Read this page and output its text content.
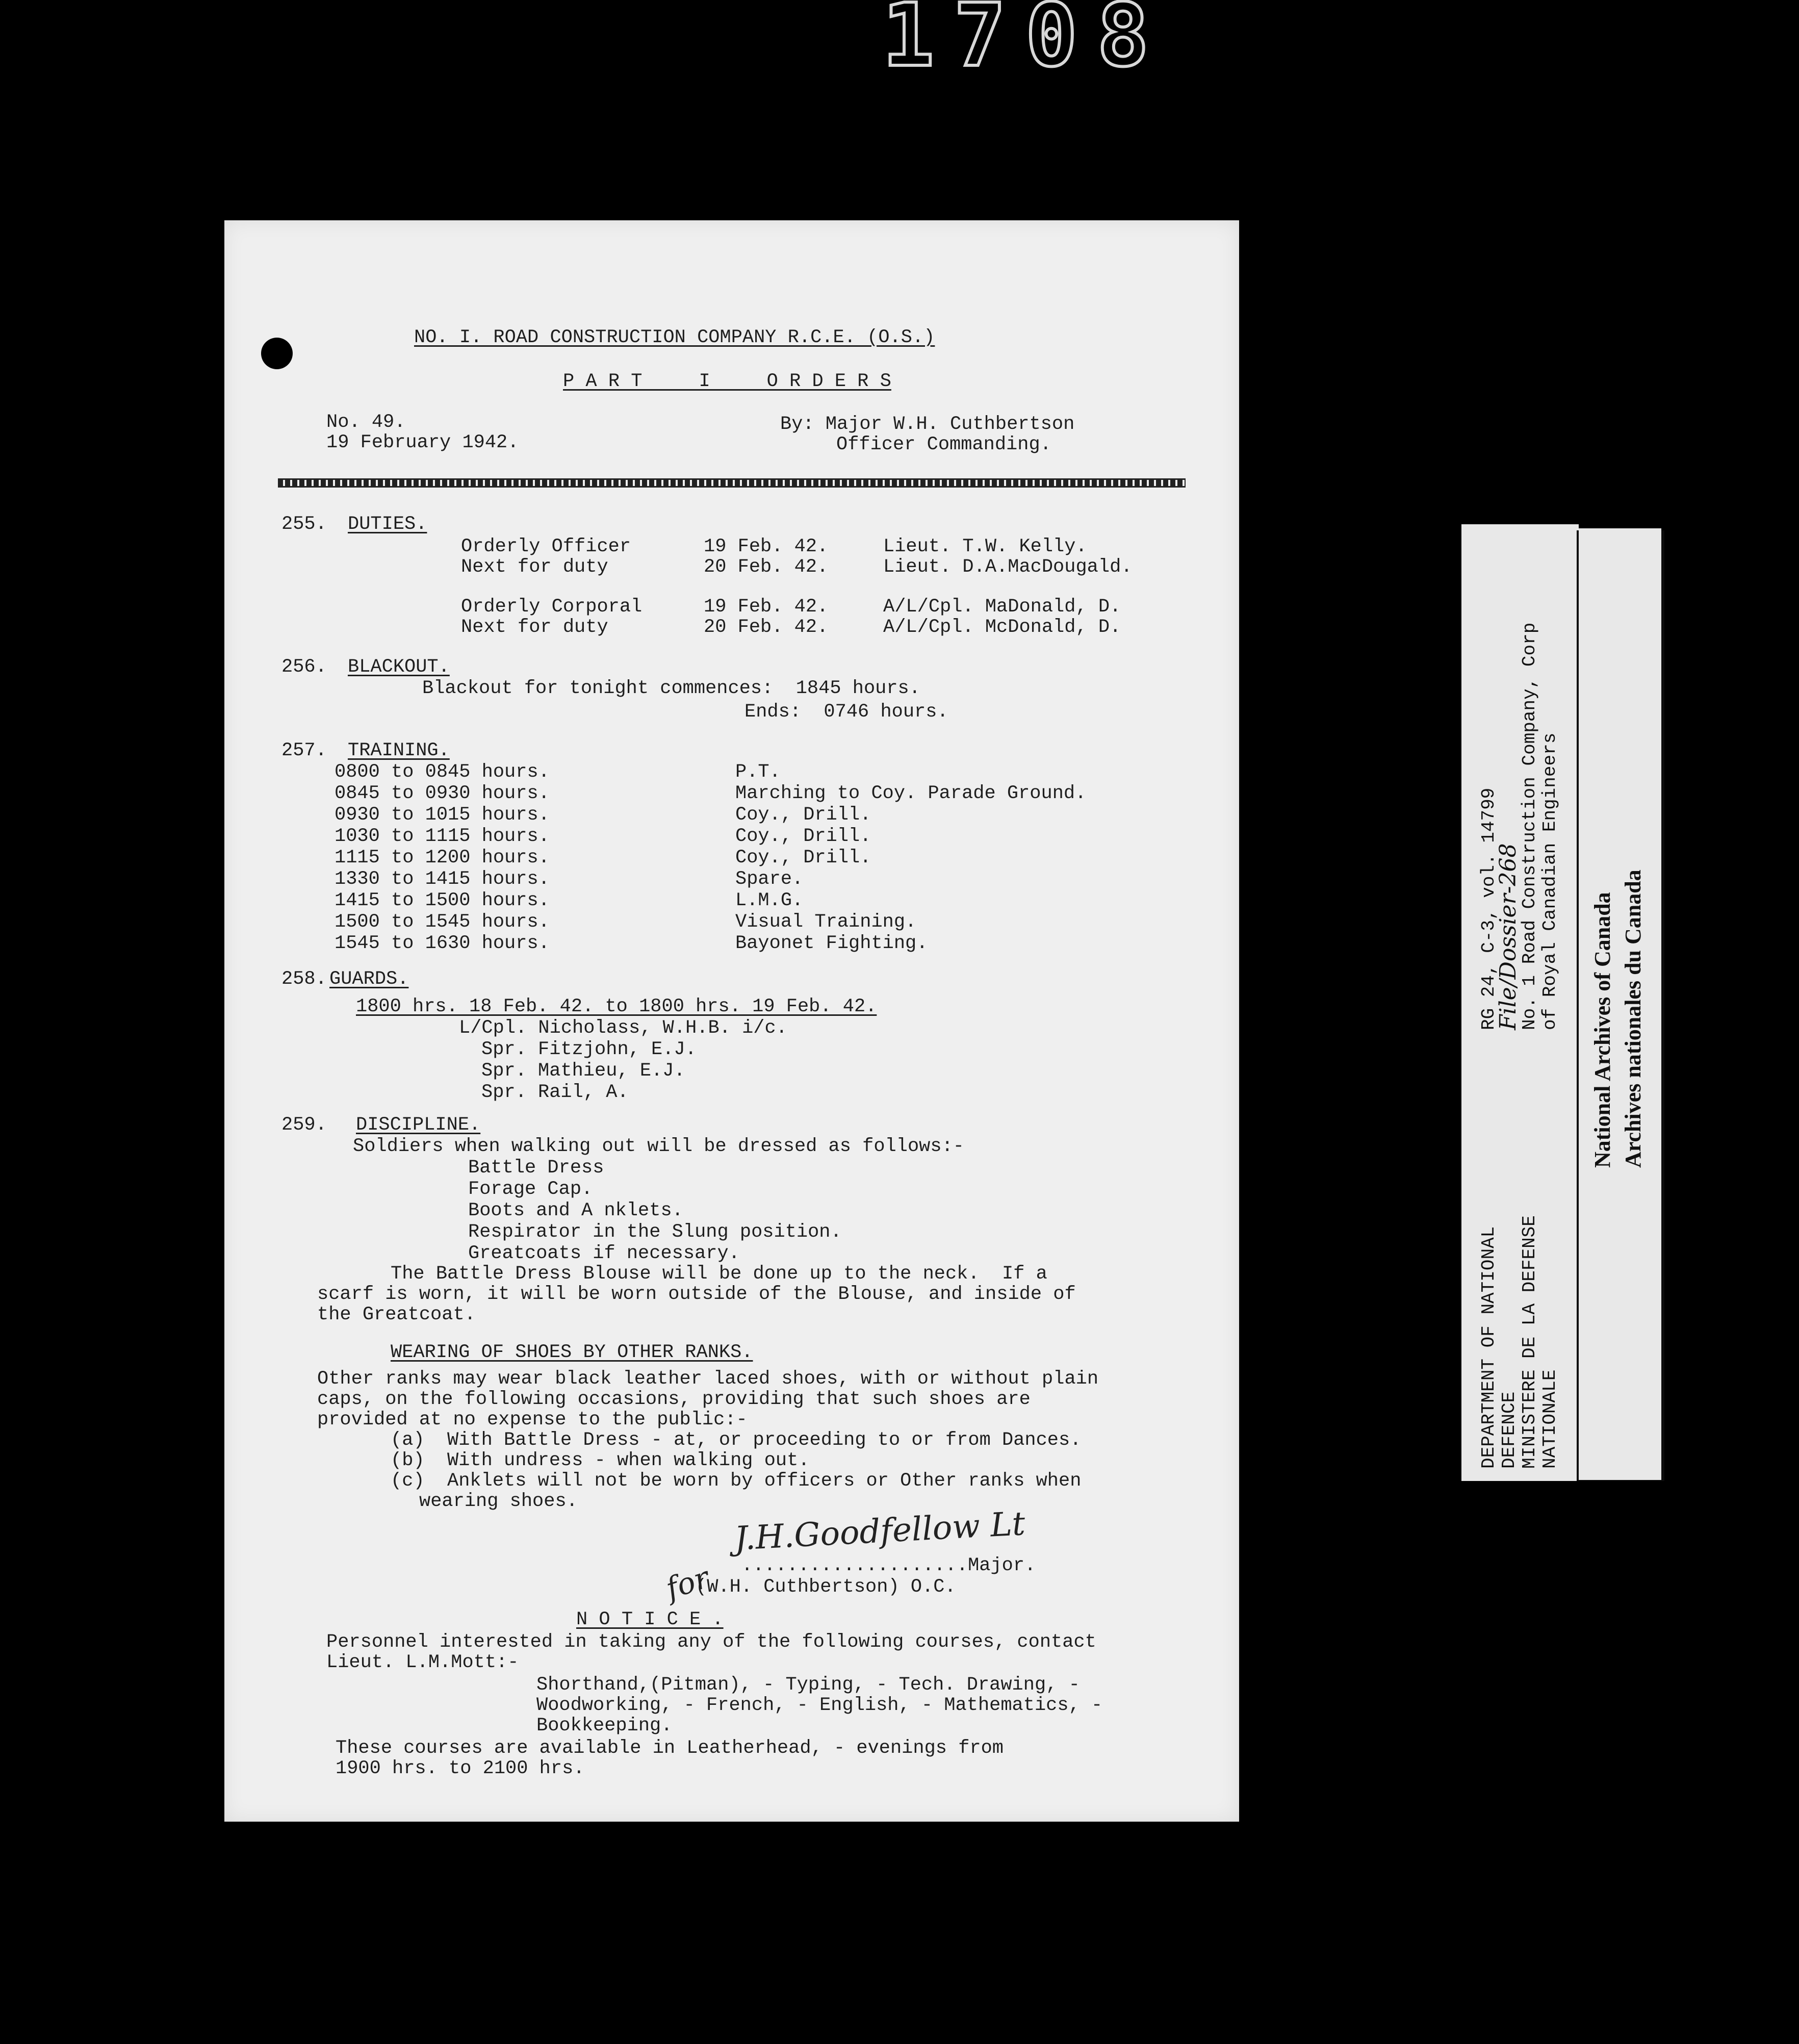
1708
NO. I. ROAD CONSTRUCTION COMPANY R.C.E. (O.S.)
P A R T     I     O R D E R S
No. 49.
19 February 1942.
By: Major W.H. Cuthbertson
Officer Commanding.
255. DUTIES.
Orderly Officer	19 Feb. 42.	Lieut. T.W. Kelly.
Next for duty	20 Feb. 42.	Lieut. D.A.MacDougald.
Orderly Corporal	19 Feb. 42.	A/L/Cpl. MaDonald, D.
Next for duty	20 Feb. 42.	A/L/Cpl. McDonald, D.
256. BLACKOUT.
Blackout for tonight commences:  1845 hours.
Ends:  0746 hours.
257. TRAINING.
0800 to 0845 hours.	P.T.
0845 to 0930 hours.	Marching to Coy. Parade Ground.
0930 to 1015 hours.	Coy., Drill.
1030 to 1115 hours.	Coy., Drill.
1115 to 1200 hours.	Coy., Drill.
1330 to 1415 hours.	Spare.
1415 to 1500 hours.	L.M.G.
1500 to 1545 hours.	Visual Training.
1545 to 1630 hours.	Bayonet Fighting.
258. GUARDS.
1800 hrs. 18 Feb. 42. to 1800 hrs. 19 Feb. 42.
L/Cpl. Nicholass, W.H.B. i/c.
Spr. Fitzjohn, E.J.
Spr. Mathieu, E.J.
Spr. Rail, A.
259. DISCIPLINE.
Soldiers when walking out will be dressed as follows:-
Battle Dress
Forage Cap.
Boots and A nklets.
Respirator in the Slung position.
Greatcoats if necessary.
The Battle Dress Blouse will be done up to the neck.  If a
scarf is worn, it will be worn outside of the Blouse, and inside of
the Greatcoat.
WEARING OF SHOES BY OTHER RANKS.
Other ranks may wear black leather laced shoes, with or without plain
caps, on the following occasions, providing that such shoes are
provided at no expense to the public:-
(a)  With Battle Dress - at, or proceeding to or from Dances.
(b)  With undress - when walking out.
(c)  Anklets will not be worn by officers or Other ranks when
wearing shoes.
J.H.Goodfellow Lt
....................Major.
for
(W.H. Cuthbertson) O.C.
N O T I C E .
Personnel interested in taking any of the following courses, contact
Lieut. L.M.Mott:-
Shorthand,(Pitman), - Typing, - Tech. Drawing, -
Woodworking, - French, - English, - Mathematics, -
Bookkeeping.
These courses are available in Leatherhead, - evenings from
1900 hrs. to 2100 hrs.
DEPARTMENT OF NATIONAL DEFENCE MINISTERE DE LA DEFENSE NATIONALE
RG 24, C-3, vol. 14799
File/Dossier-268
No. 1 Road Construction Company, Corp of Royal Canadian Engineers National Archives of Canada Archives nationales du Canada
